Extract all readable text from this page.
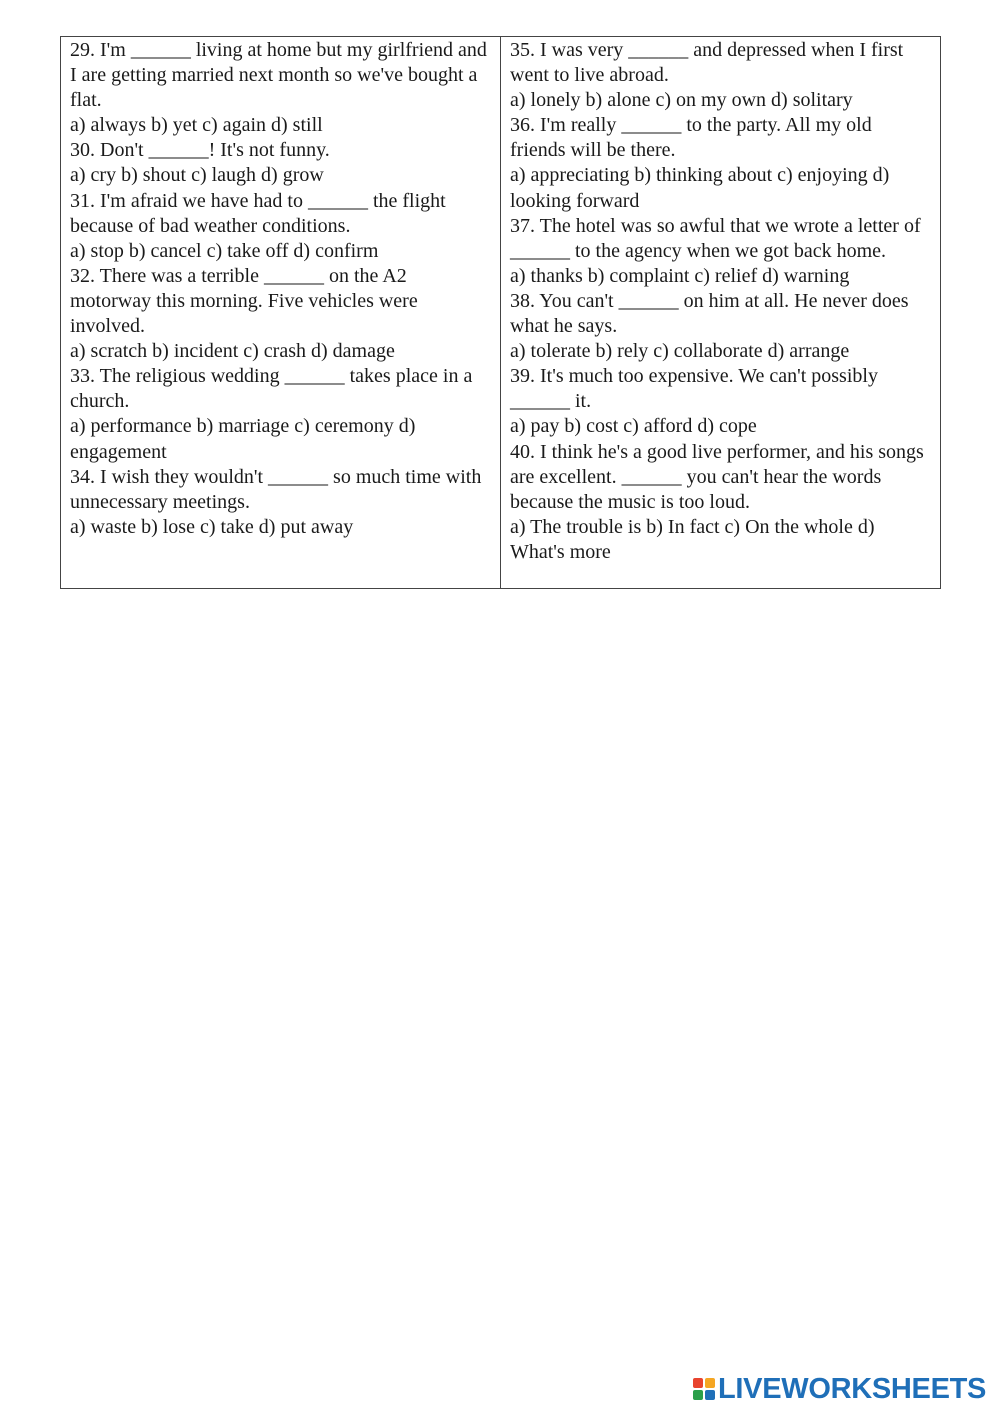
29. I'm ______ living at home but my girlfriend and I are getting married next month so we've bought a flat.
a) always b) yet c) again d) still
30. Don't ______! It's not funny.
a) cry b) shout c) laugh d) grow
31. I'm afraid we have had to ______ the flight because of bad weather conditions.
a) stop b) cancel c) take off d) confirm
32. There was a terrible ______ on the A2 motorway this morning. Five vehicles were involved.
a) scratch b) incident c) crash d) damage
33. The religious wedding ______ takes place in a church.
a) performance b) marriage c) ceremony d) engagement
34. I wish they wouldn't ______ so much time with unnecessary meetings.
a) waste b) lose c) take d) put away

35. I was very ______ and depressed when I first went to live abroad.
a) lonely b) alone c) on my own d) solitary
36. I'm really ______ to the party. All my old friends will be there.
a) appreciating b) thinking about c) enjoying d) looking forward
37. The hotel was so awful that we wrote a letter of ______ to the agency when we got back home.
a) thanks b) complaint c) relief d) warning
38. You can't ______ on him at all. He never does what he says.
a) tolerate b) rely c) collaborate d) arrange
39. It's much too expensive. We can't possibly ______ it.
a) pay b) cost c) afford d) cope
40. I think he's a good live performer, and his songs are excellent. ______ you can't hear the words because the music is too loud.
a) The trouble is b) In fact c) On the whole d) What's more
LIVEWORKSHEETS
